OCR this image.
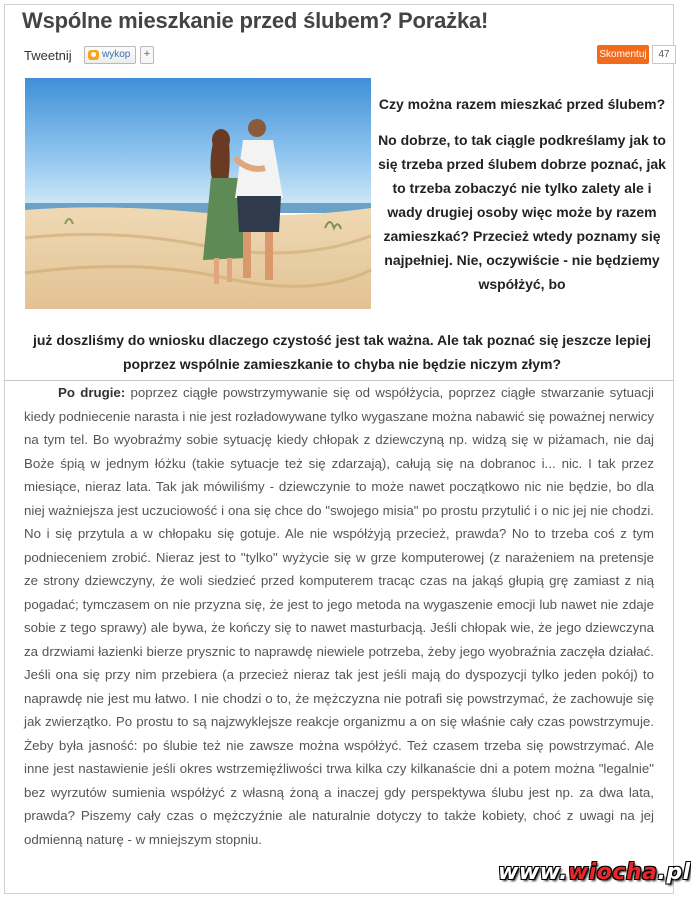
Wspólne mieszkanie przed ślubem? Porażka!
Tweetnij	wykop	+	Skomentuj	47

Czy można razem mieszkać przed ślubem?

No dobrze, to tak ciągle podkreślamy jak to się trzeba przed ślubem dobrze poznać, jak to trzeba zobaczyć nie tylko zalety ale i wady drugiej osoby więc może by razem zamieszkać? Przecież wtedy poznamy się najpełniej. Nie, oczywiście - nie będziemy współżyć, bo

już doszliśmy do wniosku dlaczego czystość jest tak ważna. Ale tak poznać się jeszcze lepiej poprzez wspólnie zamieszkanie to chyba nie będzie niczym złym?
Po drugie: poprzez ciągłe powstrzymywanie się od współżycia, poprzez ciągłe stwarzanie sytuacji kiedy podniecenie narasta i nie jest rozładowywane tylko wygaszane można nabawić się poważnej nerwicy na tym tel. Bo wyobraźmy sobie sytuację kiedy chłopak z dziewczyną np. widzą się w piżamach, nie daj Boże śpią w jednym łóżku (takie sytuacje też się zdarzają), całują się na dobranoc i... nic. I tak przez miesiące, nieraz lata. Tak jak mówiliśmy - dziewczynie to może nawet początkowo nic nie będzie, bo dla niej ważniejsza jest uczuciowość i ona się chce do "swojego misia" po prostu przytulić i o nic jej nie chodzi. No i się przytula a w chłopaku się gotuje. Ale nie współżyją przecież, prawda? No to trzeba coś z tym podnieceniem zrobić. Nieraz jest to "tylko" wyżycie się w grze komputerowej (z narażeniem na pretensje ze strony dziewczyny, że woli siedzieć przed komputerem tracąc czas na jakąś głupią grę zamiast z nią pogadać; tymczasem on nie przyzna się, że jest to jego metoda na wygaszenie emocji lub nawet nie zdaje sobie z tego sprawy) ale bywa, że kończy się to nawet masturbacją. Jeśli chłopak wie, że jego dziewczyna za drzwiami łazienki bierze prysznic to naprawdę niewiele potrzeba, żeby jego wyobraźnia zaczęła działać. Jeśli ona się przy nim przebiera (a przecież nieraz tak jest jeśli mają do dyspozycji tylko jeden pokój) to naprawdę nie jest mu łatwo. I nie chodzi o to, że mężczyzna nie potrafi się powstrzymać, że zachowuje się jak zwierzątko. Po prostu to są najzwyklejsze reakcje organizmu a on się właśnie cały czas powstrzymuje. Żeby była jasność: po ślubie też nie zawsze można współżyć. Też czasem trzeba się powstrzymać. Ale inne jest nastawienie jeśli okres wstrzemięźliwości trwa kilka czy kilkanaście dni a potem można "legalnie" bez wyrzutów sumienia współżyć z własną żoną a inaczej gdy perspektywa ślubu jest np. za dwa lata, prawda? Piszemy cały czas o mężczyźnie ale naturalnie dotyczy to także kobiety, choć z uwagi na jej odmienną naturę - w mniejszym stopniu.
www.wiocha.pl
